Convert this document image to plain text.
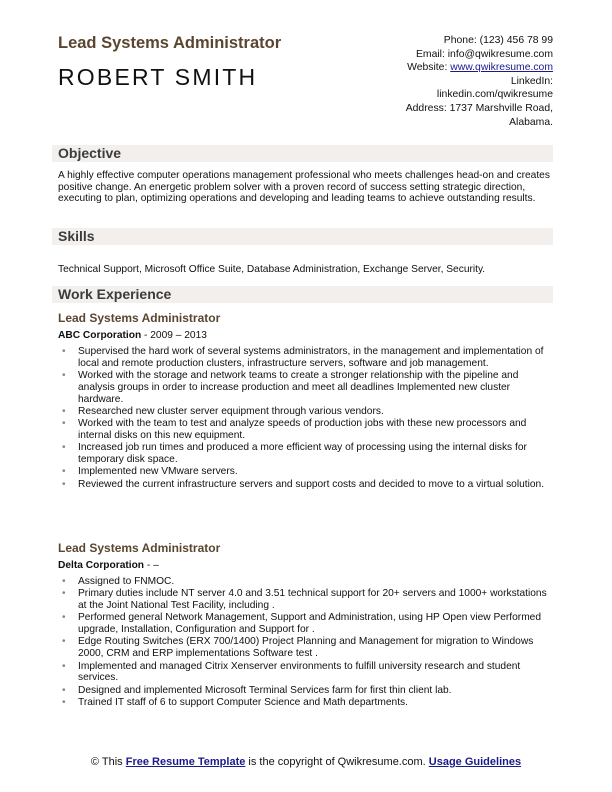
Lead Systems Administrator
ROBERT SMITH
Phone: (123) 456 78 99
Email: info@qwikresume.com
Website: www.qwikresume.com
LinkedIn:
linkedin.com/qwikresume
Address: 1737 Marshville Road,
Alabama.
Objective
A highly effective computer operations management professional who meets challenges head-on and creates positive change. An energetic problem solver with a proven record of success setting strategic direction, executing to plan, optimizing operations and developing and leading teams to achieve outstanding results.
Skills
Technical Support, Microsoft Office Suite, Database Administration, Exchange Server, Security.
Work Experience
Lead Systems Administrator
ABC Corporation - 2009 – 2013
• Supervised the hard work of several systems administrators, in the management and implementation of local and remote production clusters, infrastructure servers, software and job management.
• Worked with the storage and network teams to create a stronger relationship with the pipeline and analysis groups in order to increase production and meet all deadlines Implemented new cluster hardware.
• Researched new cluster server equipment through various vendors.
• Worked with the team to test and analyze speeds of production jobs with these new processors and internal disks on this new equipment.
• Increased job run times and produced a more efficient way of processing using the internal disks for temporary disk space.
• Implemented new VMware servers.
• Reviewed the current infrastructure servers and support costs and decided to move to a virtual solution.
Lead Systems Administrator
Delta Corporation - –
• Assigned to FNMOC.
• Primary duties include NT server 4.0 and 3.51 technical support for 20+ servers and 1000+ workstations at the Joint National Test Facility, including .
• Performed general Network Management, Support and Administration, using HP Open view Performed upgrade, Installation, Configuration and Support for .
• Edge Routing Switches (ERX 700/1400) Project Planning and Management for migration to Windows 2000, CRM and ERP implementations Software test .
• Implemented and managed Citrix Xenserver environments to fulfill university research and student services.
• Designed and implemented Microsoft Terminal Services farm for first thin client lab.
• Trained IT staff of 6 to support Computer Science and Math departments.
© This Free Resume Template is the copyright of Qwikresume.com. Usage Guidelines
